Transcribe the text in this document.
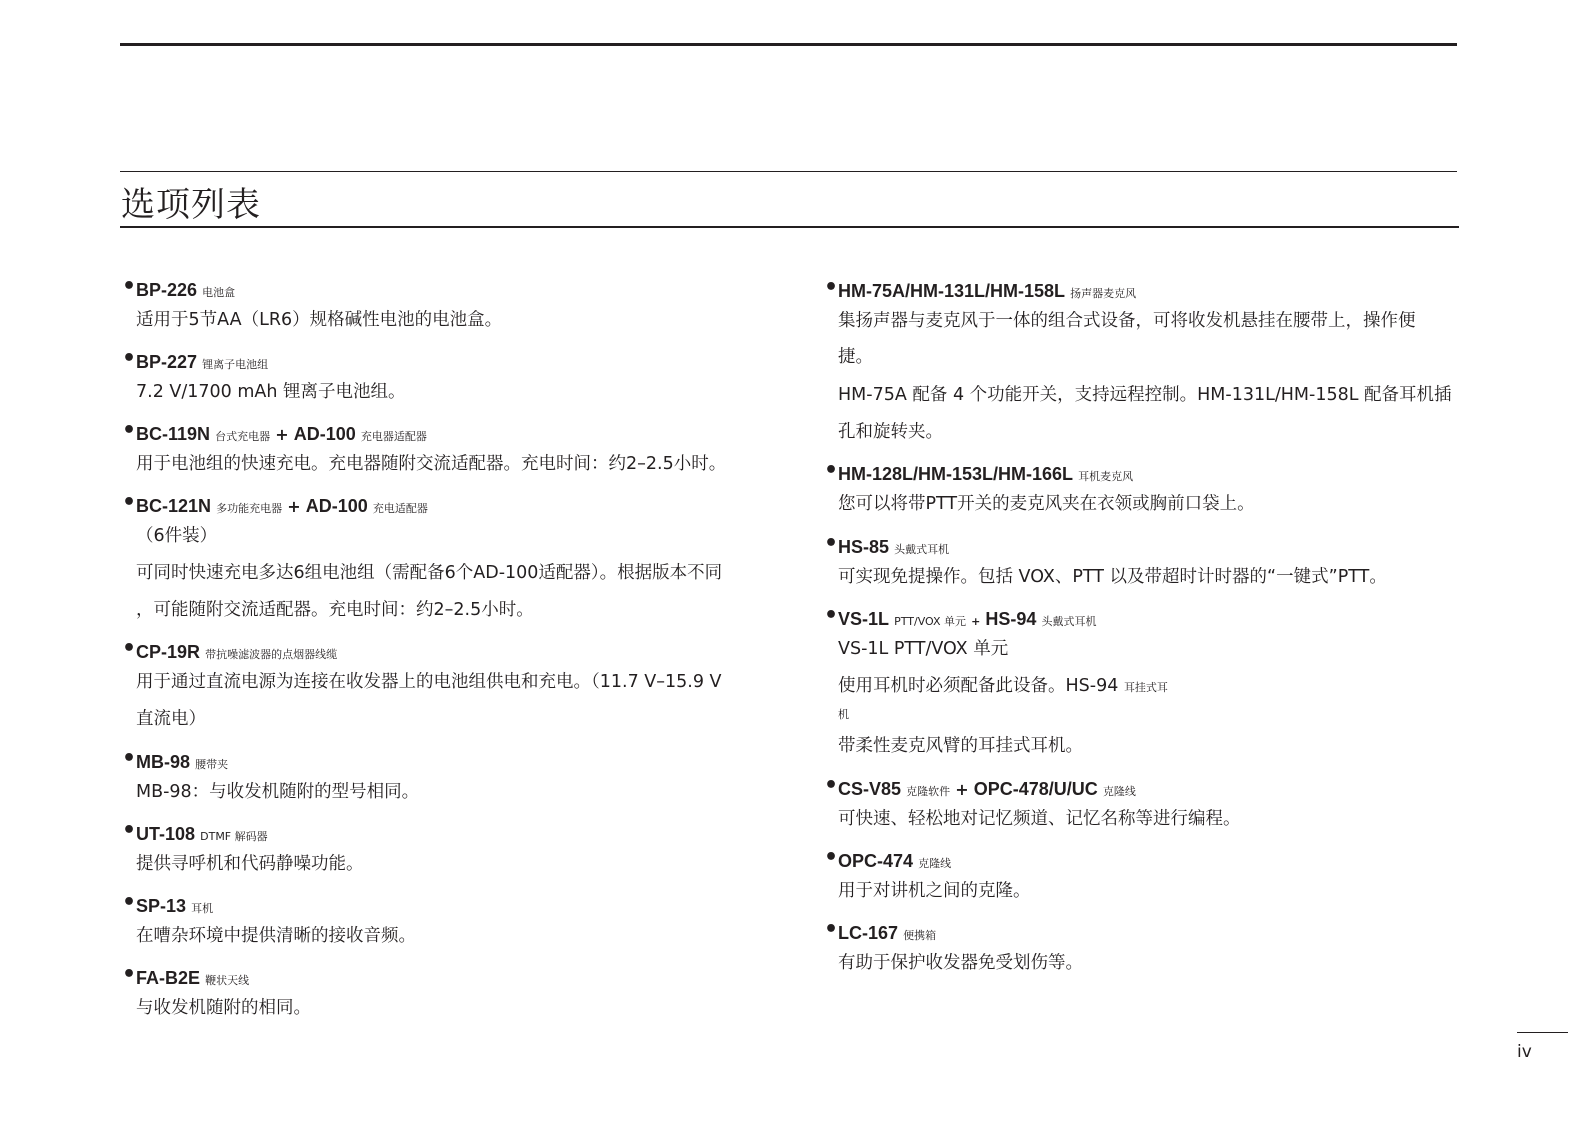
选项列表
• BP-226 电池盒
适用于5节AA（LR6）规格碱性电池的电池盒。
• BP-227 锂离子电池组
7.2 V/1700 mAh 锂离子电池组。
• BC-119N 台式充电器 + AD-100 充电器适配器
用于电池组的快速充电。充电器随附交流适配器。充电时间：约2–2.5小时。
• BC-121N 多功能充电器 + AD-100 充电适配器
（6件装）
可同时快速充电多达6组电池组（需配备6个AD-100适配器）。根据版本不同
，可能随附交流适配器。充电时间：约2–2.5小时。
• CP-19R 带抗噪滤波器的点烟器线缆
用于通过直流电源为连接在收发器上的电池组供电和充电。（11.7 V–15.9 V
直流电）
• MB-98 腰带夹
MB-98：与收发机随附的型号相同。
• UT-108 DTMF 解码器
提供寻呼机和代码静噪功能。
• SP-13 耳机
在嘈杂环境中提供清晰的接收音频。
• FA-B2E 鞭状天线
与收发机随附的相同。
• HM-75A/HM-131L/HM-158L 扬声器麦克风
集扬声器与麦克风于一体的组合式设备，可将收发机悬挂在腰带上，操作便
捷。
HM-75A 配备 4 个功能开关，支持远程控制。HM-131L/HM-158L 配备耳机插
孔和旋转夹。
• HM-128L/HM-153L/HM-166L 耳机麦克风
您可以将带PTT开关的麦克风夹在衣领或胸前口袋上。
• HS-85 头戴式耳机
可实现免提操作。包括 VOX、PTT 以及带超时计时器的“一键式”PTT。
• VS-1L PTT/VOX 单元 + HS-94 头戴式耳机
VS-1L PTT/VOX 单元
使用耳机时必须配备此设备。HS-94 耳挂式耳
机
带柔性麦克风臂的耳挂式耳机。
• CS-V85 克隆软件 + OPC-478/U/UC 克隆线
可快速、轻松地对记忆频道、记忆名称等进行编程。
• OPC-474 克隆线
用于对讲机之间的克隆。
• LC-167 便携箱
有助于保护收发器免受划伤等。
iv
